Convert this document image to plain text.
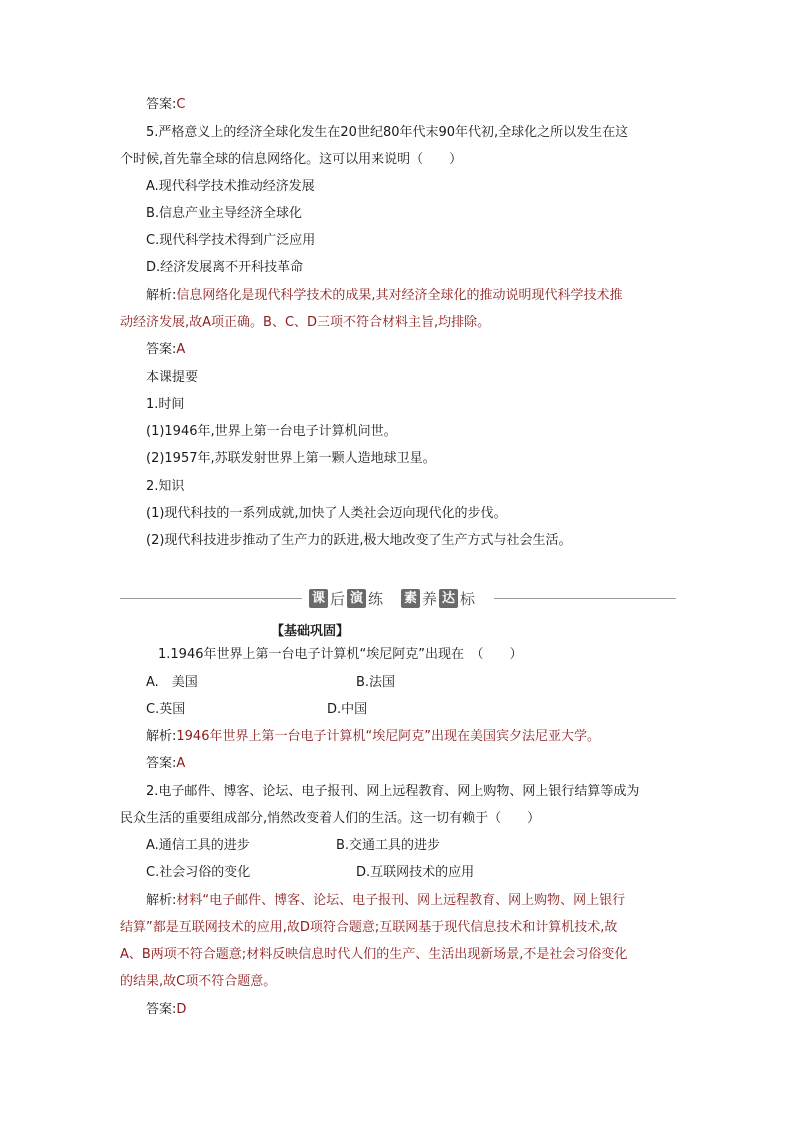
答案:C
5.严格意义上的经济全球化发生在20世纪80年代末90年代初,全球化之所以发生在这
个时候,首先靠全球的信息网络化。这可以用来说明（　　）
A.现代科学技术推动经济发展
B.信息产业主导经济全球化
C.现代科学技术得到广泛应用
D.经济发展离不开科技革命
解析:信息网络化是现代科学技术的成果,其对经济全球化的推动说明现代科学技术推
动经济发展,故A项正确。B、C、D三项不符合材料主旨,均排除。
答案:A
本课提要
1.时间
(1)1946年,世界上第一台电子计算机问世。
(2)1957年,苏联发射世界上第一颗人造地球卫星。
2.知识
(1)现代科技的一系列成就,加快了人类社会迈向现代化的步伐。
(2)现代科技进步推动了生产力的跃进,极大地改变了生产方式与社会生活。
课 后 演 练 素 养 达 标
【基础巩固】
1.1946年世界上第一台电子计算机“埃尼阿克”出现在　（　　）
A.　美国	B.法国
C.英国	D.中国
解析:1946年世界上第一台电子计算机“埃尼阿克”出现在美国宾夕法尼亚大学。
答案:A
2.电子邮件、博客、论坛、电子报刊、网上远程教育、网上购物、网上银行结算等成为
民众生活的重要组成部分,悄然改变着人们的生活。这一切有赖于（　　）
A.通信工具的进步	B.交通工具的进步
C.社会习俗的变化	D.互联网技术的应用
解析:材料“电子邮件、博客、论坛、电子报刊、网上远程教育、网上购物、网上银行
结算”都是互联网技术的应用,故D项符合题意;互联网基于现代信息技术和计算机技术,故
A、B两项不符合题意;材料反映信息时代人们的生产、生活出现新场景,不是社会习俗变化
的结果,故C项不符合题意。
答案:D
